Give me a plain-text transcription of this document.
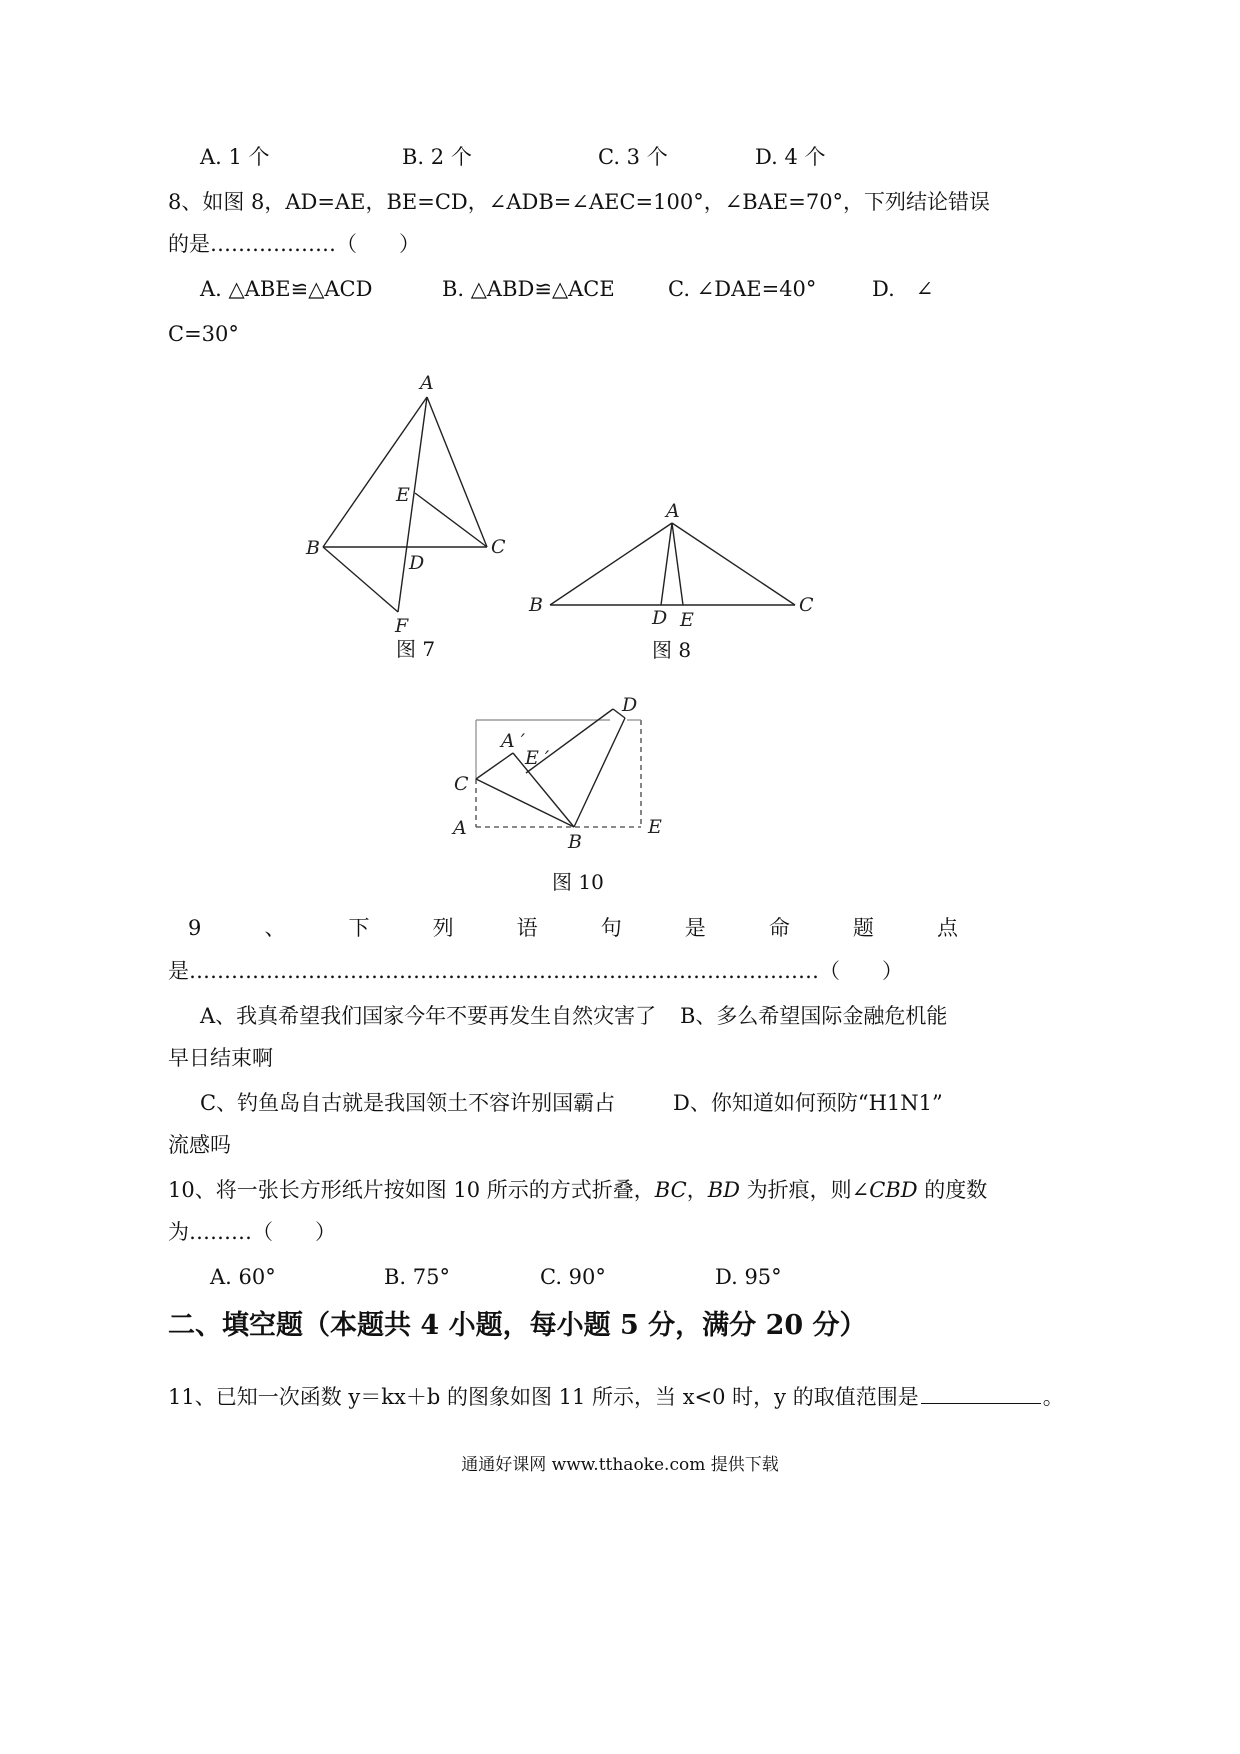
A. 1 个	B. 2 个	C. 3 个	D. 4 个
8、如图 8，AD=AE，BE=CD，∠ADB=∠AEC=100°，∠BAE=70°，下列结论错误
的是………………（　　）
A. △ABE≌△ACD	B. △ABD≌△ACE	C. ∠DAE=40°	D.　∠
C=30°
A
E
B	C
D
F
图 7
A
B	C
D E
图 8
D
A ′
E ′
C
A
B
E
图 10
9	、	下	列	语	句	是	命	题	点
是………………………………………………………………………………（　　）
A、我真希望我们国家今年不要再发生自然灾害了 B、多么希望国际金融危机能
早日结束啊
C、钓鱼岛自古就是我国领土不容许别国霸占	D、你知道如何预防“H1N1”
流感吗
10、将一张长方形纸片按如图 10 所示的方式折叠，BC，BD 为折痕，则∠CBD 的度数
为………（　　）
A. 60°	B. 75°	C. 90°	D. 95°
二、填空题（本题共 4 小题，每小题 5 分，满分 20 分）
11、已知一次函数 y＝kx＋b 的图象如图 11 所示，当 x<0 时，y 的取值范围是	。
通通好课网 www.tthaoke.com 提供下载
